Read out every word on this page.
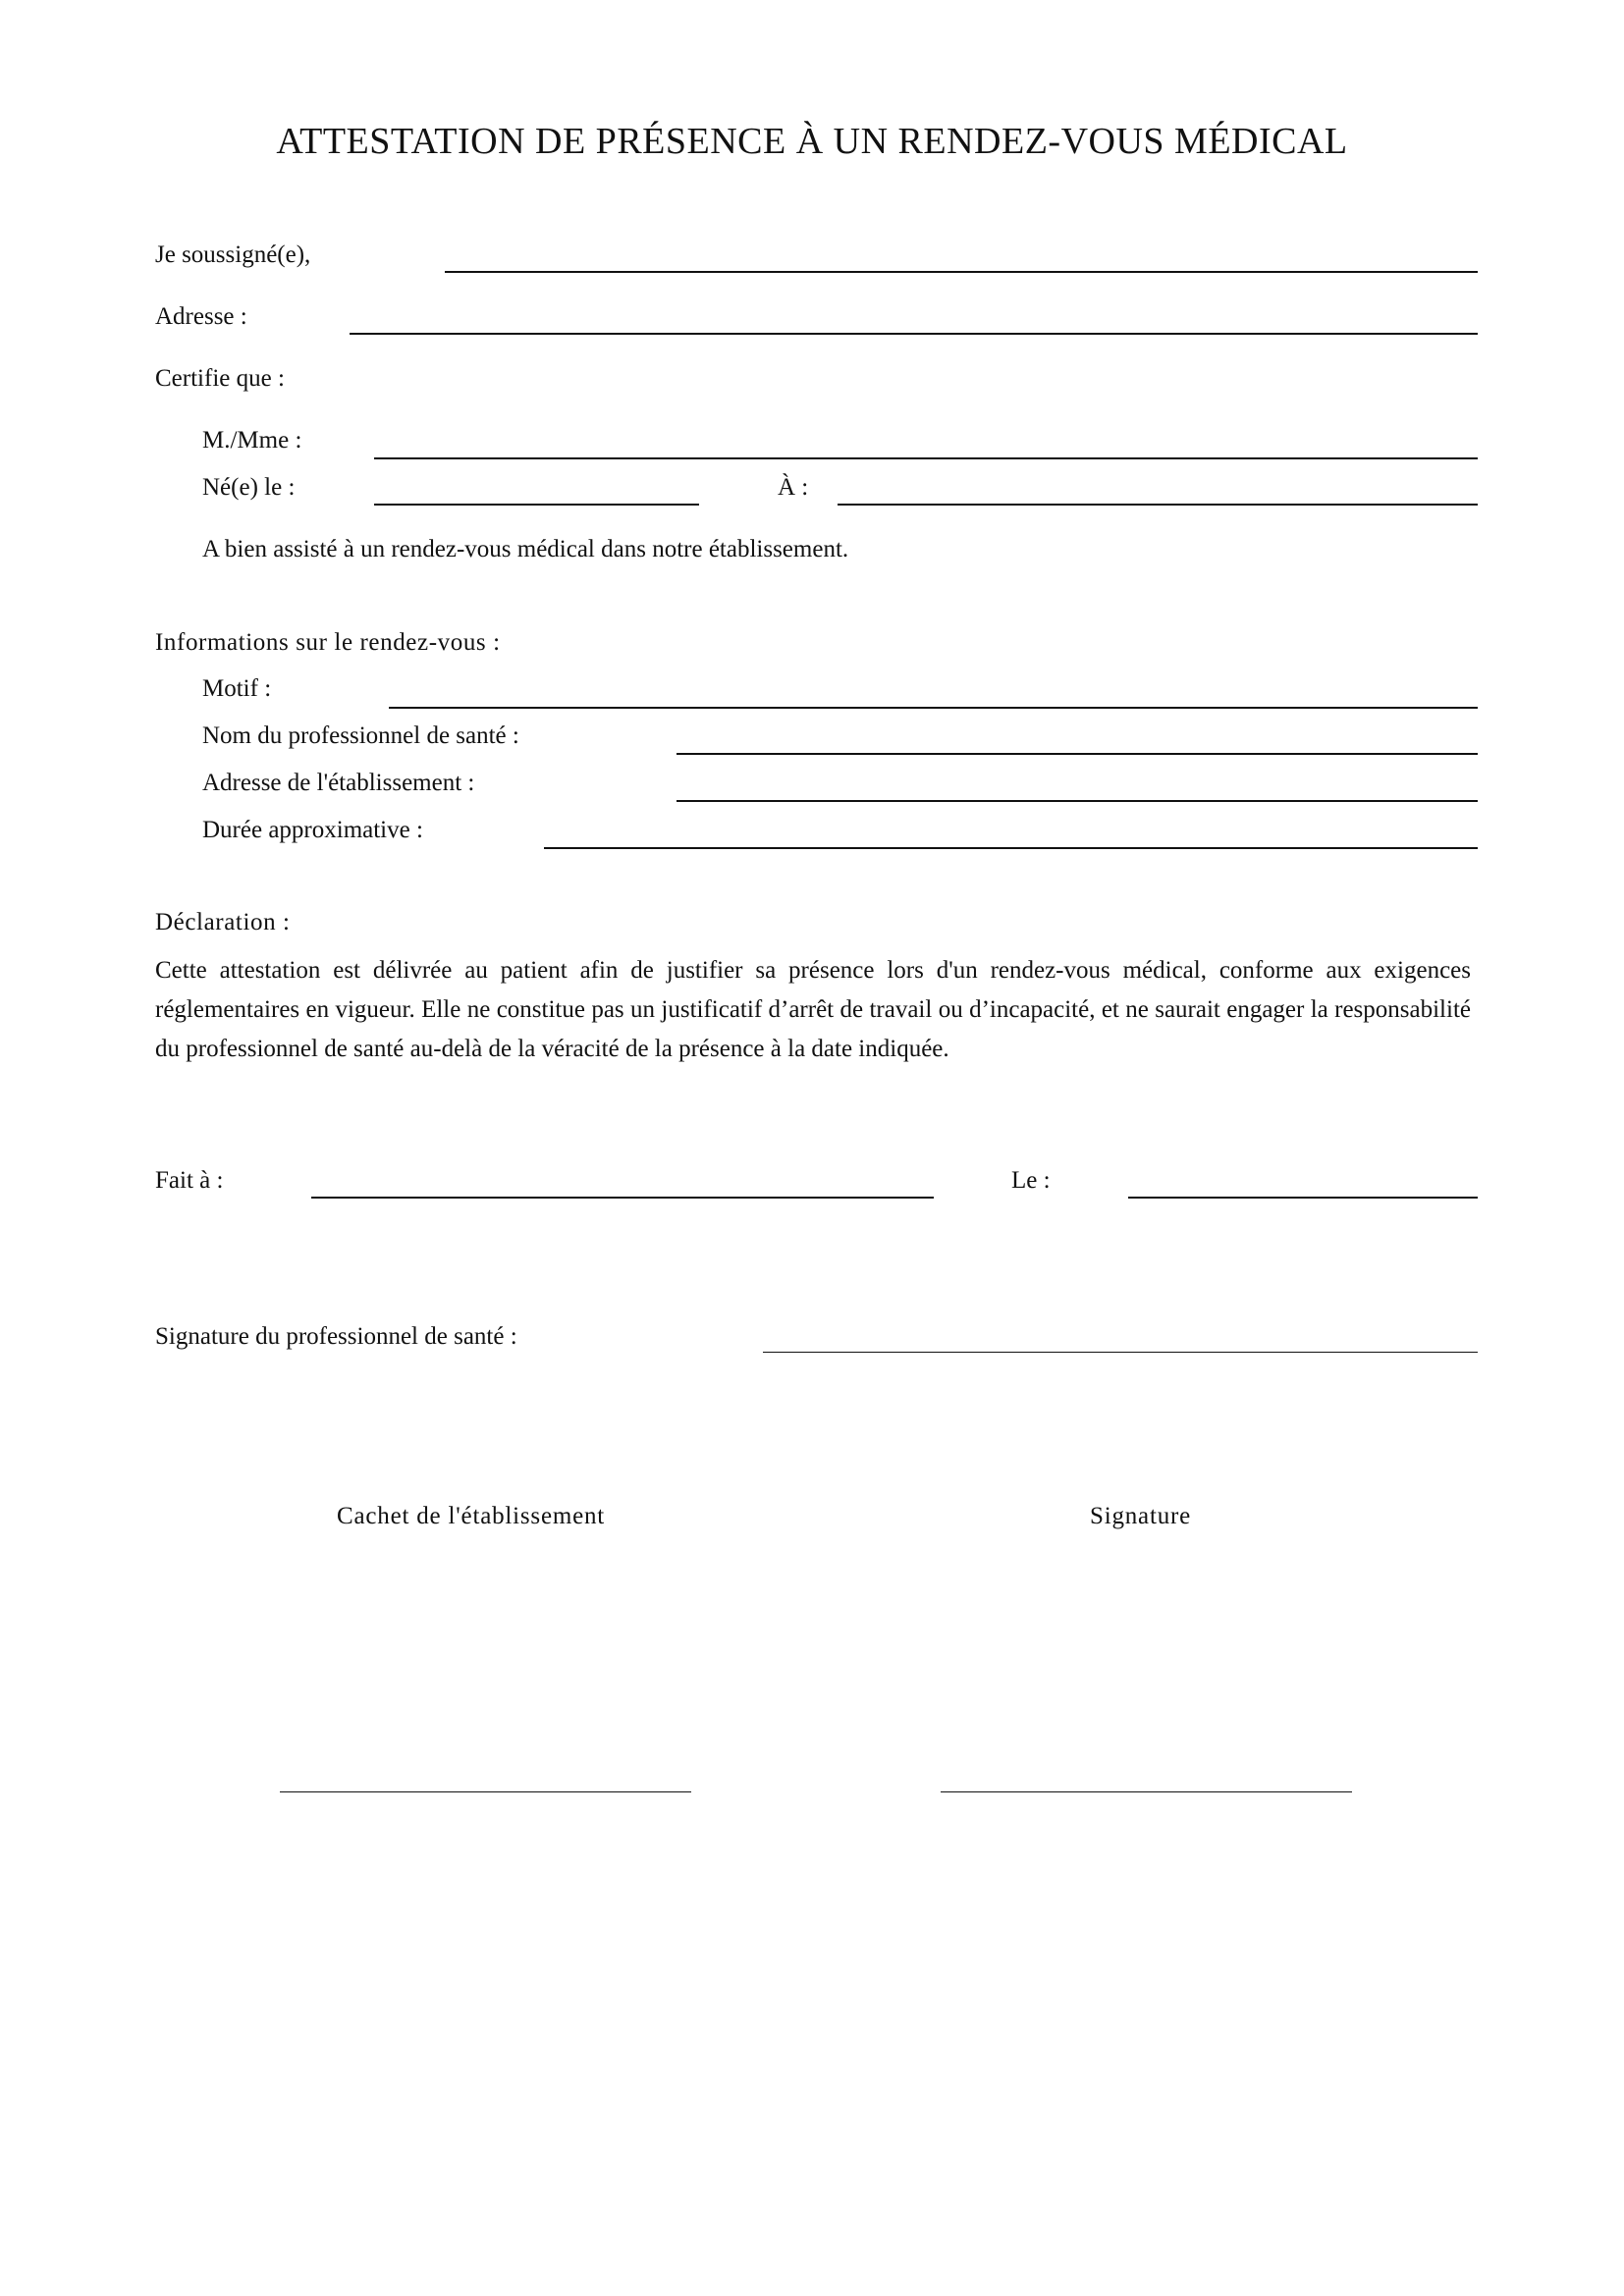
ATTESTATION DE PRÉSENCE À UN RENDEZ-VOUS MÉDICAL
Je soussigné(e),
Adresse :
Certifie que :
M./Mme :
Né(e) le :	À :
A bien assisté à un rendez-vous médical dans notre établissement.
Informations sur le rendez-vous :
Motif :
Nom du professionnel de santé :
Adresse de l'établissement :
Durée approximative :
Déclaration :

Cette attestation est délivrée au patient afin de justifier sa présence lors d'un rendez-vous médical, conforme aux exigences réglementaires en vigueur. Elle ne constitue pas un justificatif d’arrêt de travail ou d’incapacité, et ne saurait engager la responsabilité du professionnel de santé au-delà de la véracité de la présence à la date indiquée.

Fait à :	Le :
Signature du professionnel de santé :
Cachet de l'établissement	Signature
